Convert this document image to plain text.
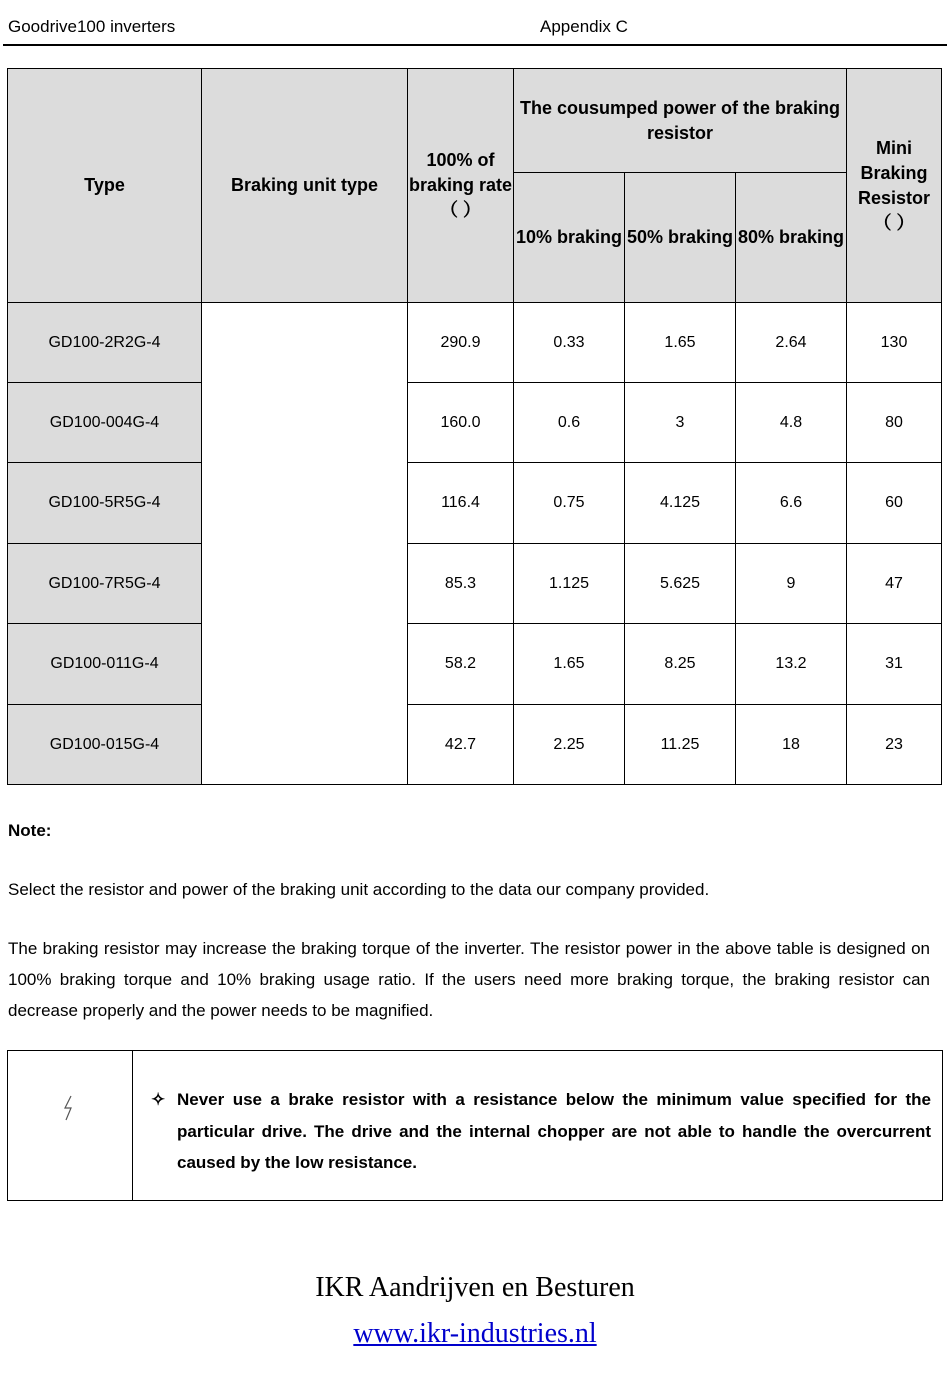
Goodrive100 inverters	Appendix C
Type	Braking unit type	100% of braking rate（ ）	The cousumped power of the braking resistor			Mini
Braking
Resistor
（ ）

			10% braking	50% braking	80% braking	
GD100-2R2G-4		290.9	0.33	1.65	2.64	130
GD100-004G-4		160.0	0.6	3	4.8	80
GD100-5R5G-4		116.4	0.75	4.125	6.6	60
GD100-7R5G-4		85.3	1.125	5.625	9	47
GD100-011G-4		58.2	1.65	8.25	13.2	31
GD100-015G-4		42.7	2.25	11.25	18	23
Note:
Select the resistor and power of the braking unit according to the data our company provided.
The braking resistor may increase the braking torque of the inverter. The resistor power in the above table is designed on 100% braking torque and 10% braking usage ratio. If the users need more braking torque, the braking resistor can decrease properly and the power needs to be magnified.
✧ Never use a brake resistor with a resistance below the minimum value specified for the particular drive. The drive and the internal chopper are not able to handle the overcurrent caused by the low resistance.
IKR Aandrijven en Besturen
www.ikr-industries.nl
